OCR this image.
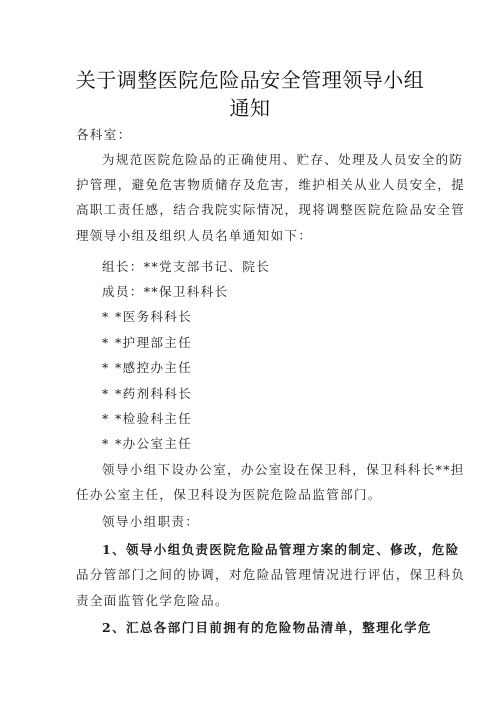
关于调整医院危险品安全管理领导小组
通知
各科室：
为规范医院危险品的正确使用、贮存、处理及人员安全的防
护管理，避免危害物质储存及危害，维护相关从业人员安全，提
高职工责任感，结合我院实际情况，现将调整医院危险品安全管
理领导小组及组织人员名单通知如下：
组长：**党支部书记、院长
成员：**保卫科科长
* *医务科科长
* *护理部主任
* *感控办主任
* *药剂科科长
* *检验科主任
* *办公室主任
领导小组下设办公室，办公室设在保卫科，保卫科科长**担
任办公室主任，保卫科设为医院危险品监管部门。
领导小组职责：
1、领导小组负责医院危险品管理方案的制定、修改，危险
品分管部门之间的协调，对危险品管理情况进行评估，保卫科负
责全面监管化学危险品。
2、汇总各部门目前拥有的危险物品清单，整理化学危
